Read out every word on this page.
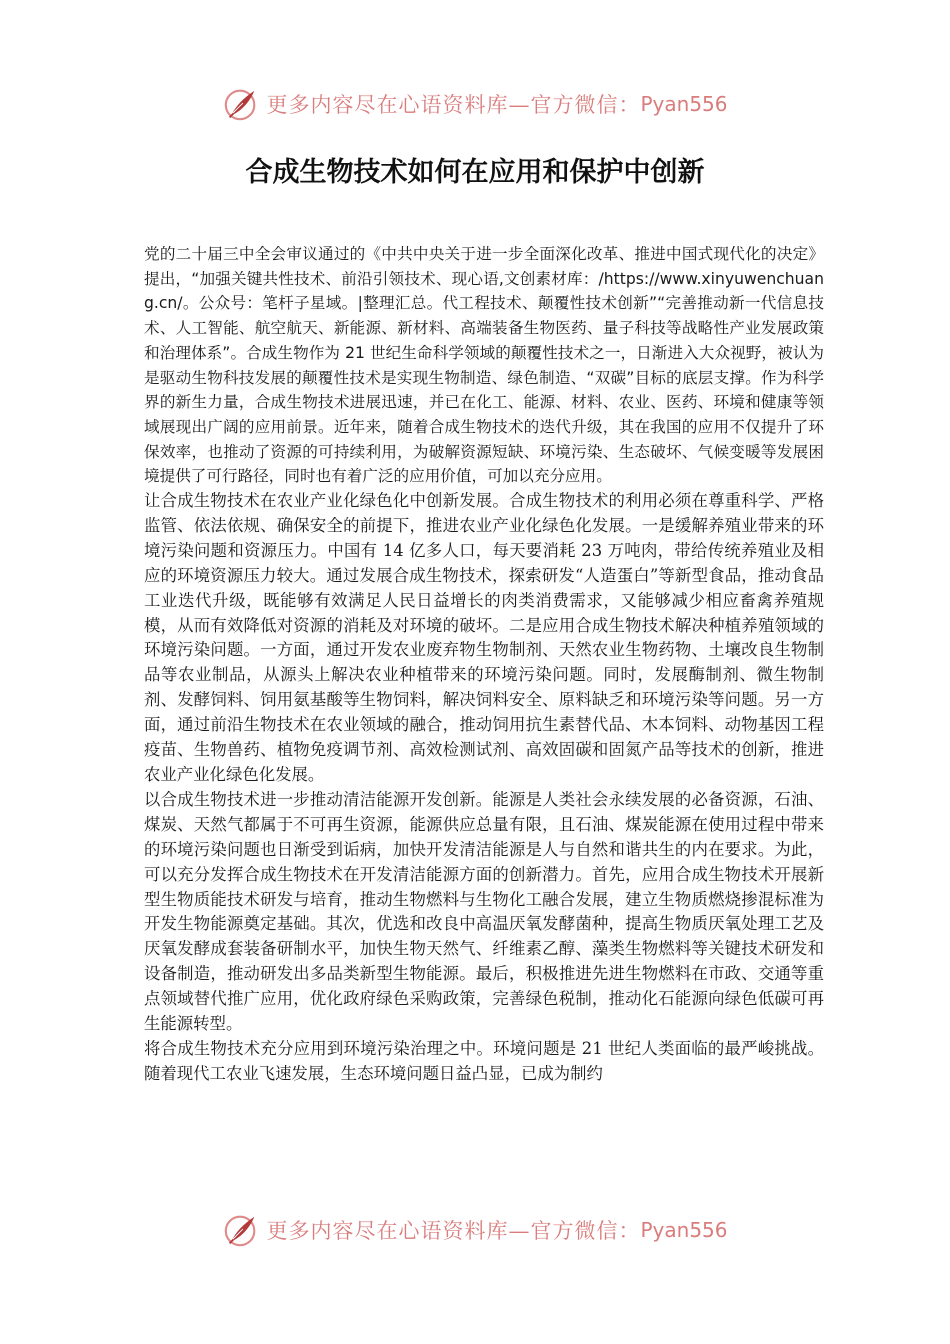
更多内容尽在心语资料库—官方微信： Pyan556
合成生物技术如何在应用和保护中创新

党的二十届三中全会审议通过的《中共中央关于进一步全面深化改革、推进中国式现代化的决定》提出，“加强关键共性技术、前沿引领技术、现心语,文创素材库：/https://www.xinyuwenchuang.cn/。公众号：笔杆子星域。|整理汇总。代工程技术、颠覆性技术创新”“完善推动新一代信息技术、人工智能、航空航天、新能源、新材料、高端装备生物医药、量子科技等战略性产业发展政策和治理体系”。合成生物作为 21 世纪生命科学领域的颠覆性技术之一，日渐进入大众视野，被认为是驱动生物科技发展的颠覆性技术是实现生物制造、绿色制造、“双碳”目标的底层支撑。作为科学界的新生力量，合成生物技术进展迅速，并已在化工、能源、材料、农业、医药、环境和健康等领域展现出广阔的应用前景。近年来，随着合成生物技术的迭代升级，其在我国的应用不仅提升了环保效率，也推动了资源的可持续利用，为破解资源短缺、环境污染、生态破坏、气候变暖等发展困境提供了可行路径，同时也有着广泛的应用价值，可加以充分应用。

让合成生物技术在农业产业化绿色化中创新发展。合成生物技术的利用必须在尊重科学、严格监管、依法依规、确保安全的前提下，推进农业产业化绿色化发展。一是缓解养殖业带来的环境污染问题和资源压力。中国有 14 亿多人口，每天要消耗 23 万吨肉，带给传统养殖业及相应的环境资源压力较大。通过发展合成生物技术，探索研发“人造蛋白”等新型食品，推动食品工业迭代升级，既能够有效满足人民日益增长的肉类消费需求，又能够减少相应畜禽养殖规模，从而有效降低对资源的消耗及对环境的破坏。二是应用合成生物技术解决种植养殖领域的环境污染问题。一方面，通过开发农业废弃物生物制剂、天然农业生物药物、土壤改良生物制品等农业制品，从源头上解决农业种植带来的环境污染问题。同时，发展酶制剂、微生物制剂、发酵饲料、饲用氨基酸等生物饲料，解决饲料安全、原料缺乏和环境污染等问题。另一方面，通过前沿生物技术在农业领域的融合，推动饲用抗生素替代品、木本饲料、动物基因工程疫苗、生物兽药、植物免疫调节剂、高效检测试剂、高效固碳和固氮产品等技术的创新，推进农业产业化绿色化发展。

以合成生物技术进一步推动清洁能源开发创新。能源是人类社会永续发展的必备资源，石油、煤炭、天然气都属于不可再生资源，能源供应总量有限，且石油、煤炭能源在使用过程中带来的环境污染问题也日渐受到诟病，加快开发清洁能源是人与自然和谐共生的内在要求。为此，可以充分发挥合成生物技术在开发清洁能源方面的创新潜力。首先，应用合成生物技术开展新型生物质能技术研发与培育，推动生物燃料与生物化工融合发展，建立生物质燃烧掺混标准为开发生物能源奠定基础。其次，优选和改良中高温厌氧发酵菌种，提高生物质厌氧处理工艺及厌氧发酵成套装备研制水平，加快生物天然气、纤维素乙醇、藻类生物燃料等关键技术研发和设备制造，推动研发出多品类新型生物能源。最后，积极推进先进生物燃料在市政、交通等重点领域替代推广应用，优化政府绿色采购政策，完善绿色税制，推动化石能源向绿色低碳可再生能源转型。

将合成生物技术充分应用到环境污染治理之中。环境问题是 21 世纪人类面临的最严峻挑战。随着现代工农业飞速发展，生态环境问题日益凸显，已成为制约

更多内容尽在心语资料库—官方微信： Pyan556
